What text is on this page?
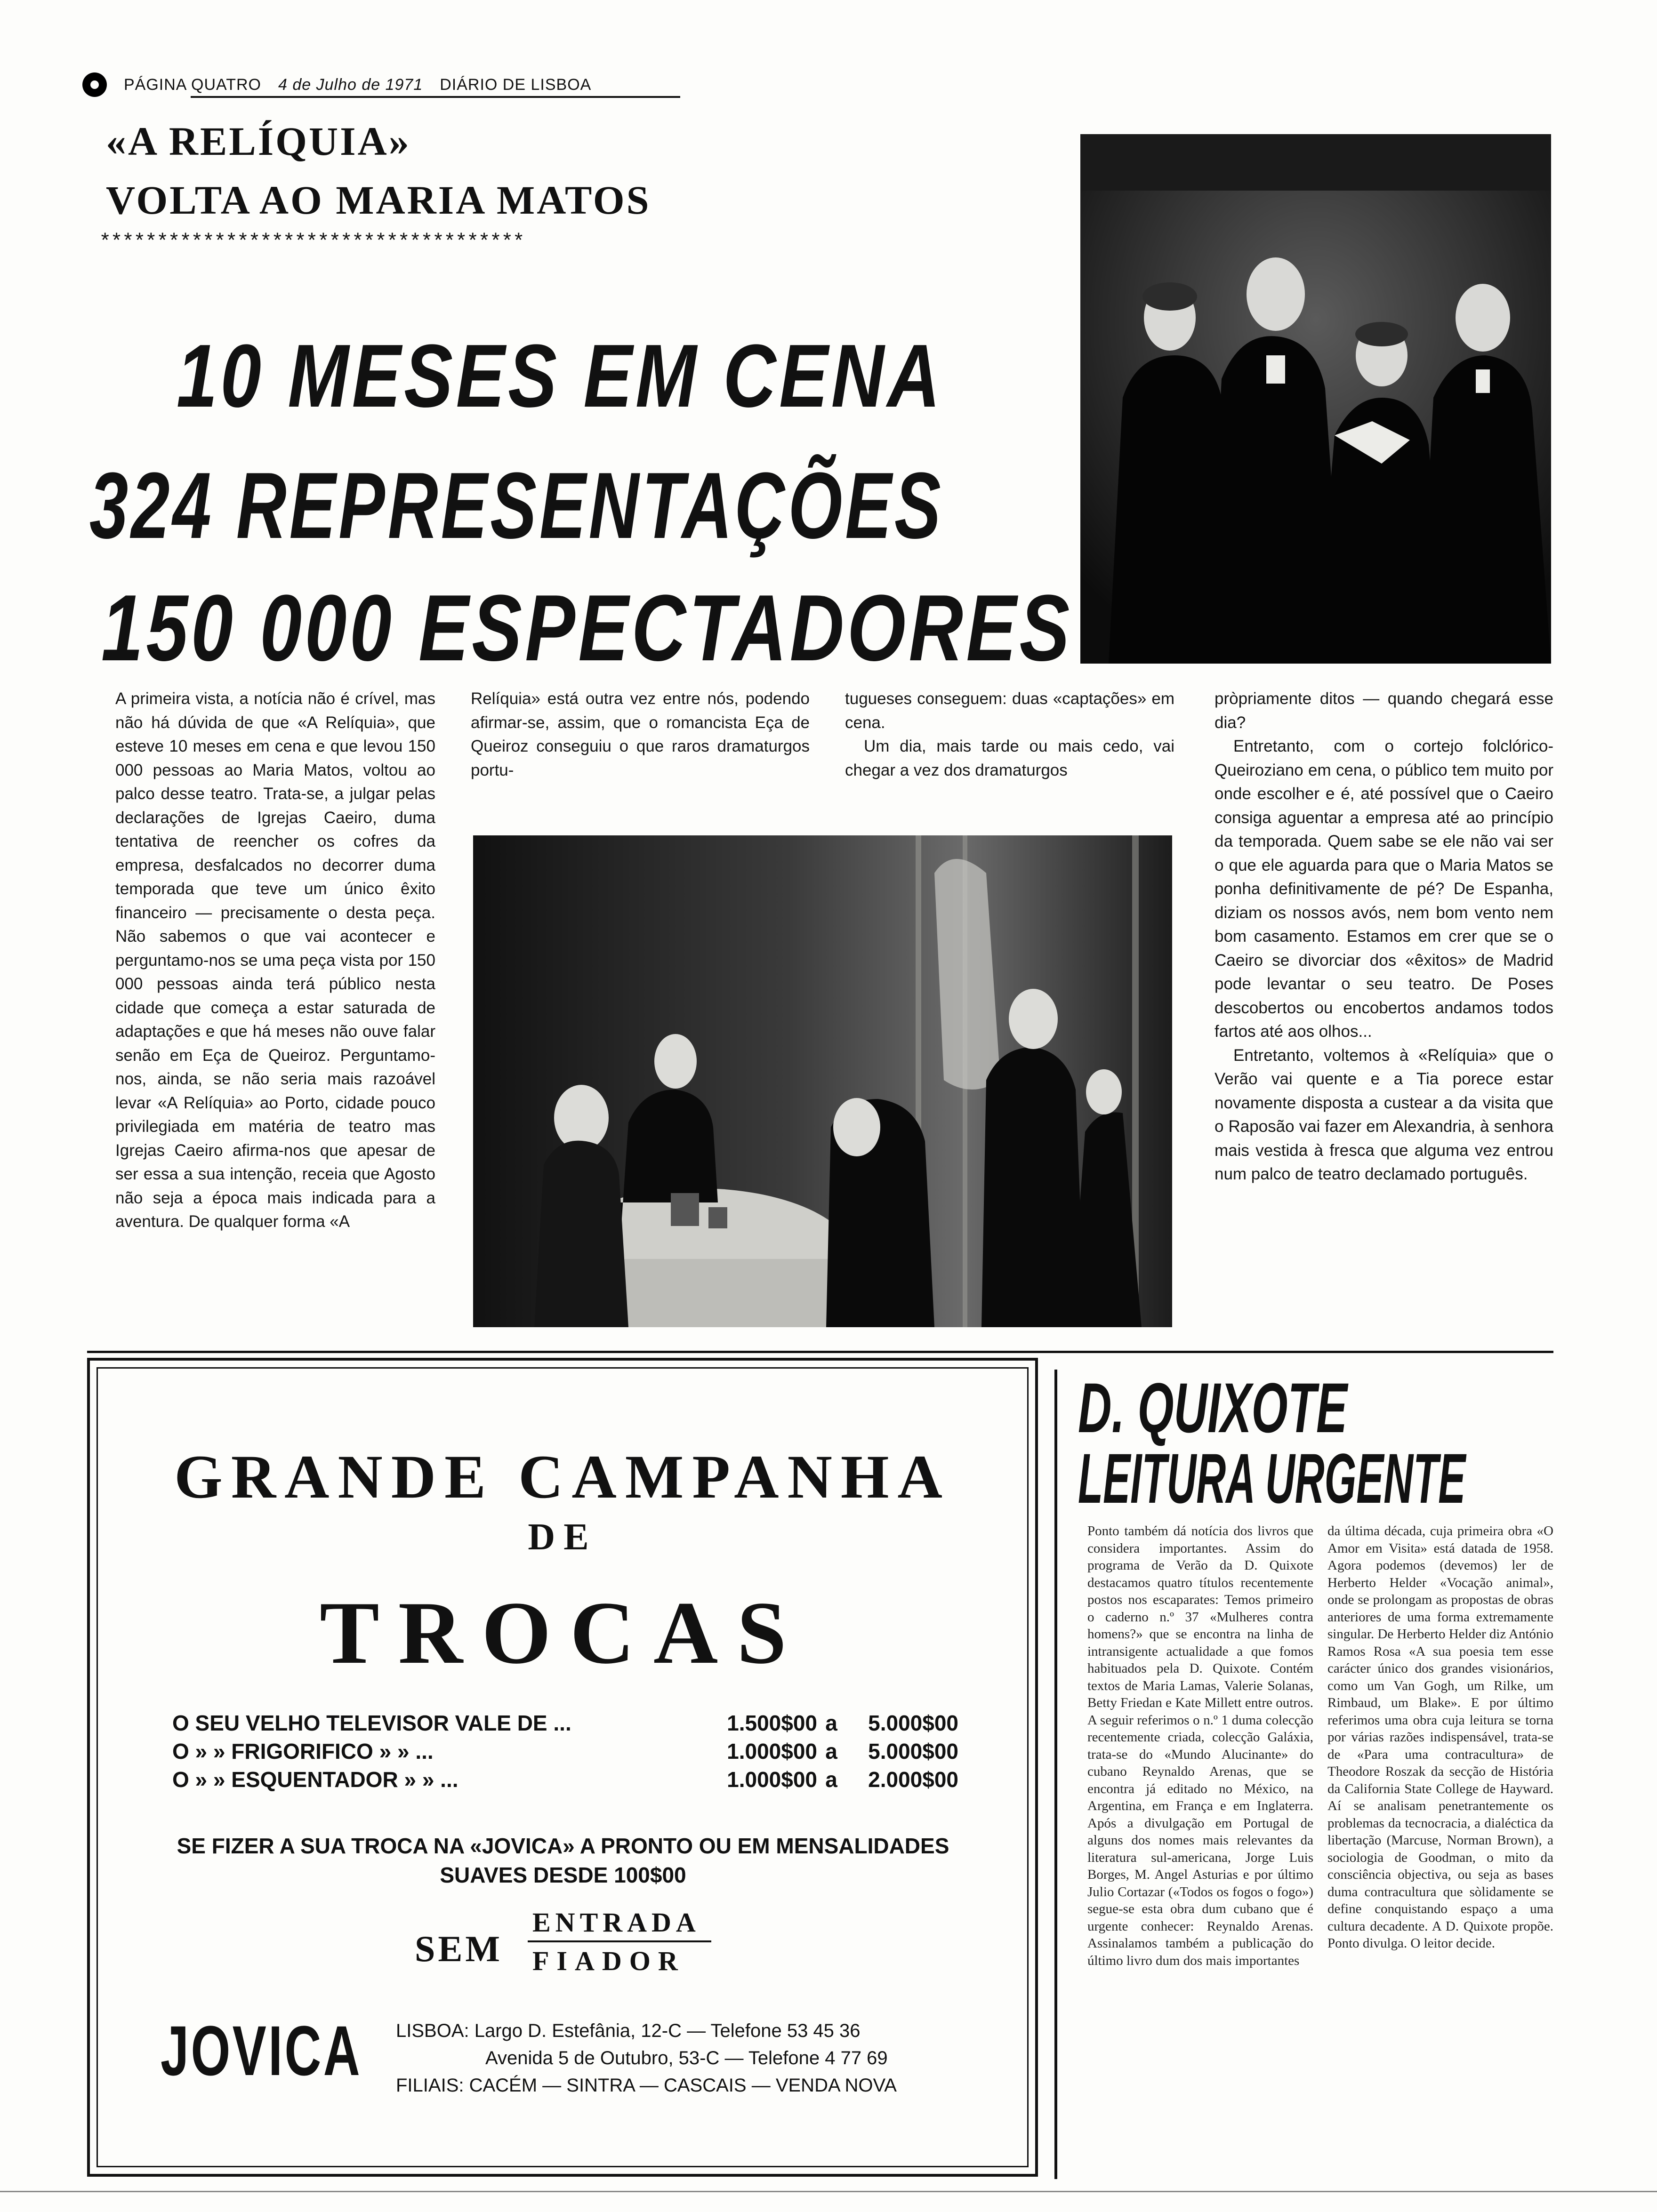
PÁGINA QUATRO 4 de Julho de 1971 DIÁRIO DE LISBOA
«A RELÍQUIA»
VOLTA AO MARIA MATOS
*************************************
10 MESES EM CENA
324 REPRESENTAÇÕES
150 000 ESPECTADORES

A primeira vista, a notícia não é crível, mas não há dúvida de que «A Relíquia», que esteve 10 meses em cena e que levou 150 000 pessoas ao Maria Matos, voltou ao palco desse teatro. Trata-se, a julgar pelas declarações de Igrejas Caeiro, duma tentativa de reencher os cofres da empresa, desfalcados no decorrer duma temporada que teve um único êxito financeiro — precisamente o desta peça. Não sabemos o que vai acontecer e perguntamo-nos se uma peça vista por 150 000 pessoas ainda terá público nesta cidade que começa a estar saturada de adaptações e que há meses não ouve falar senão em Eça de Queiroz. Perguntamo-nos, ainda, se não seria mais razoável levar «A Relíquia» ao Porto, cidade pouco privilegiada em matéria de teatro mas Igrejas Caeiro afirma-nos que apesar de ser essa a sua intenção, receia que Agosto não seja a época mais indicada para a aventura. De qualquer forma «A

Relíquia» está outra vez entre nós, podendo afirmar-se, assim, que o romancista Eça de Queiroz conseguiu o que raros dramaturgos portu-

tugueses conseguem: duas «captações» em cena.

Um dia, mais tarde ou mais cedo, vai chegar a vez dos dramaturgos

pròpriamente ditos — quando chegará esse dia?

Entretanto, com o cortejo folclórico-Queiroziano em cena, o público tem muito por onde escolher e é, até possível que o Caeiro consiga aguentar a empresa até ao princípio da temporada. Quem sabe se ele não vai ser o que ele aguarda para que o Maria Matos se ponha definitivamente de pé? De Espanha, diziam os nossos avós, nem bom vento nem bom casamento. Estamos em crer que se o Caeiro se divorciar dos «êxitos» de Madrid pode levantar o seu teatro. De Poses descobertos ou encobertos andamos todos fartos até aos olhos...

Entretanto, voltemos à «Relíquia» que o Verão vai quente e a Tia porece estar novamente disposta a custear a da visita que o Raposão vai fazer em Alexandria, à senhora mais vestida à fresca que alguma vez entrou num palco de teatro declamado português.

GRANDE CAMPANHA
DE
TROCAS
O SEU VELHO TELEVISOR VALE DE ...	1.500$00 a	5.000$00
O » » FRIGORIFICO » » ...	1.000$00 a	5.000$00
O » » ESQUENTADOR » » ...	1.000$00 a	2.000$00
SE FIZER A SUA TROCA NA «JOVICA» A PRONTO OU EM MENSALIDADES SUAVES DESDE 100$00
SEM
ENTRADA
FIADOR
JOVICA LISBOA: Largo D. Estefânia, 12-C — Telefone 53 45 36
Avenida 5 de Outubro, 53-C — Telefone 4 77 69
FILIAIS: CACÉM — SINTRA — CASCAIS — VENDA NOVA
D. QUIXOTE
LEITURA URGENTE

Ponto também dá notícia dos livros que considera importantes. Assim do programa de Verão da D. Quixote destacamos quatro títulos recentemente postos nos escaparates: Temos primeiro o caderno n.º 37 «Mulheres contra homens?» que se encontra na linha de intransigente actualidade a que fomos habituados pela D. Quixote. Contém textos de Maria Lamas, Valerie Solanas, Betty Friedan e Kate Millett entre outros. A seguir referimos o n.º 1 duma colecção recentemente criada, colecção Galáxia, trata-se do «Mundo Alucinante» do cubano Reynaldo Arenas, que se encontra já editado no México, na Argentina, em França e em Inglaterra. Após a divulgação em Portugal de alguns dos nomes mais relevantes da literatura sul-americana, Jorge Luis Borges, M. Angel Asturias e por último Julio Cortazar («Todos os fogos o fogo») segue-se esta obra dum cubano que é urgente conhecer: Reynaldo Arenas. Assinalamos também a publicação do último livro dum dos mais importantes

da última década, cuja primeira obra «O Amor em Visita» está datada de 1958. Agora podemos (devemos) ler de Herberto Helder «Vocação animal», onde se prolongam as propostas de obras anteriores de uma forma extremamente singular. De Herberto Helder diz António Ramos Rosa «A sua poesia tem esse carácter único dos grandes visionários, como um Van Gogh, um Rilke, um Rimbaud, um Blake». E por último referimos uma obra cuja leitura se torna por várias razões indispensável, trata-se de «Para uma contracultura» de Theodore Roszak da secção de História da California State College de Hayward. Aí se analisam penetrantemente os problemas da tecnocracia, a dialéctica da libertação (Marcuse, Norman Brown), a sociologia de Goodman, o mito da consciência objectiva, ou seja as bases duma contracultura que sòlidamente se define conquistando espaço a uma cultura decadente. A D. Quixote propõe. Ponto divulga. O leitor decide.
